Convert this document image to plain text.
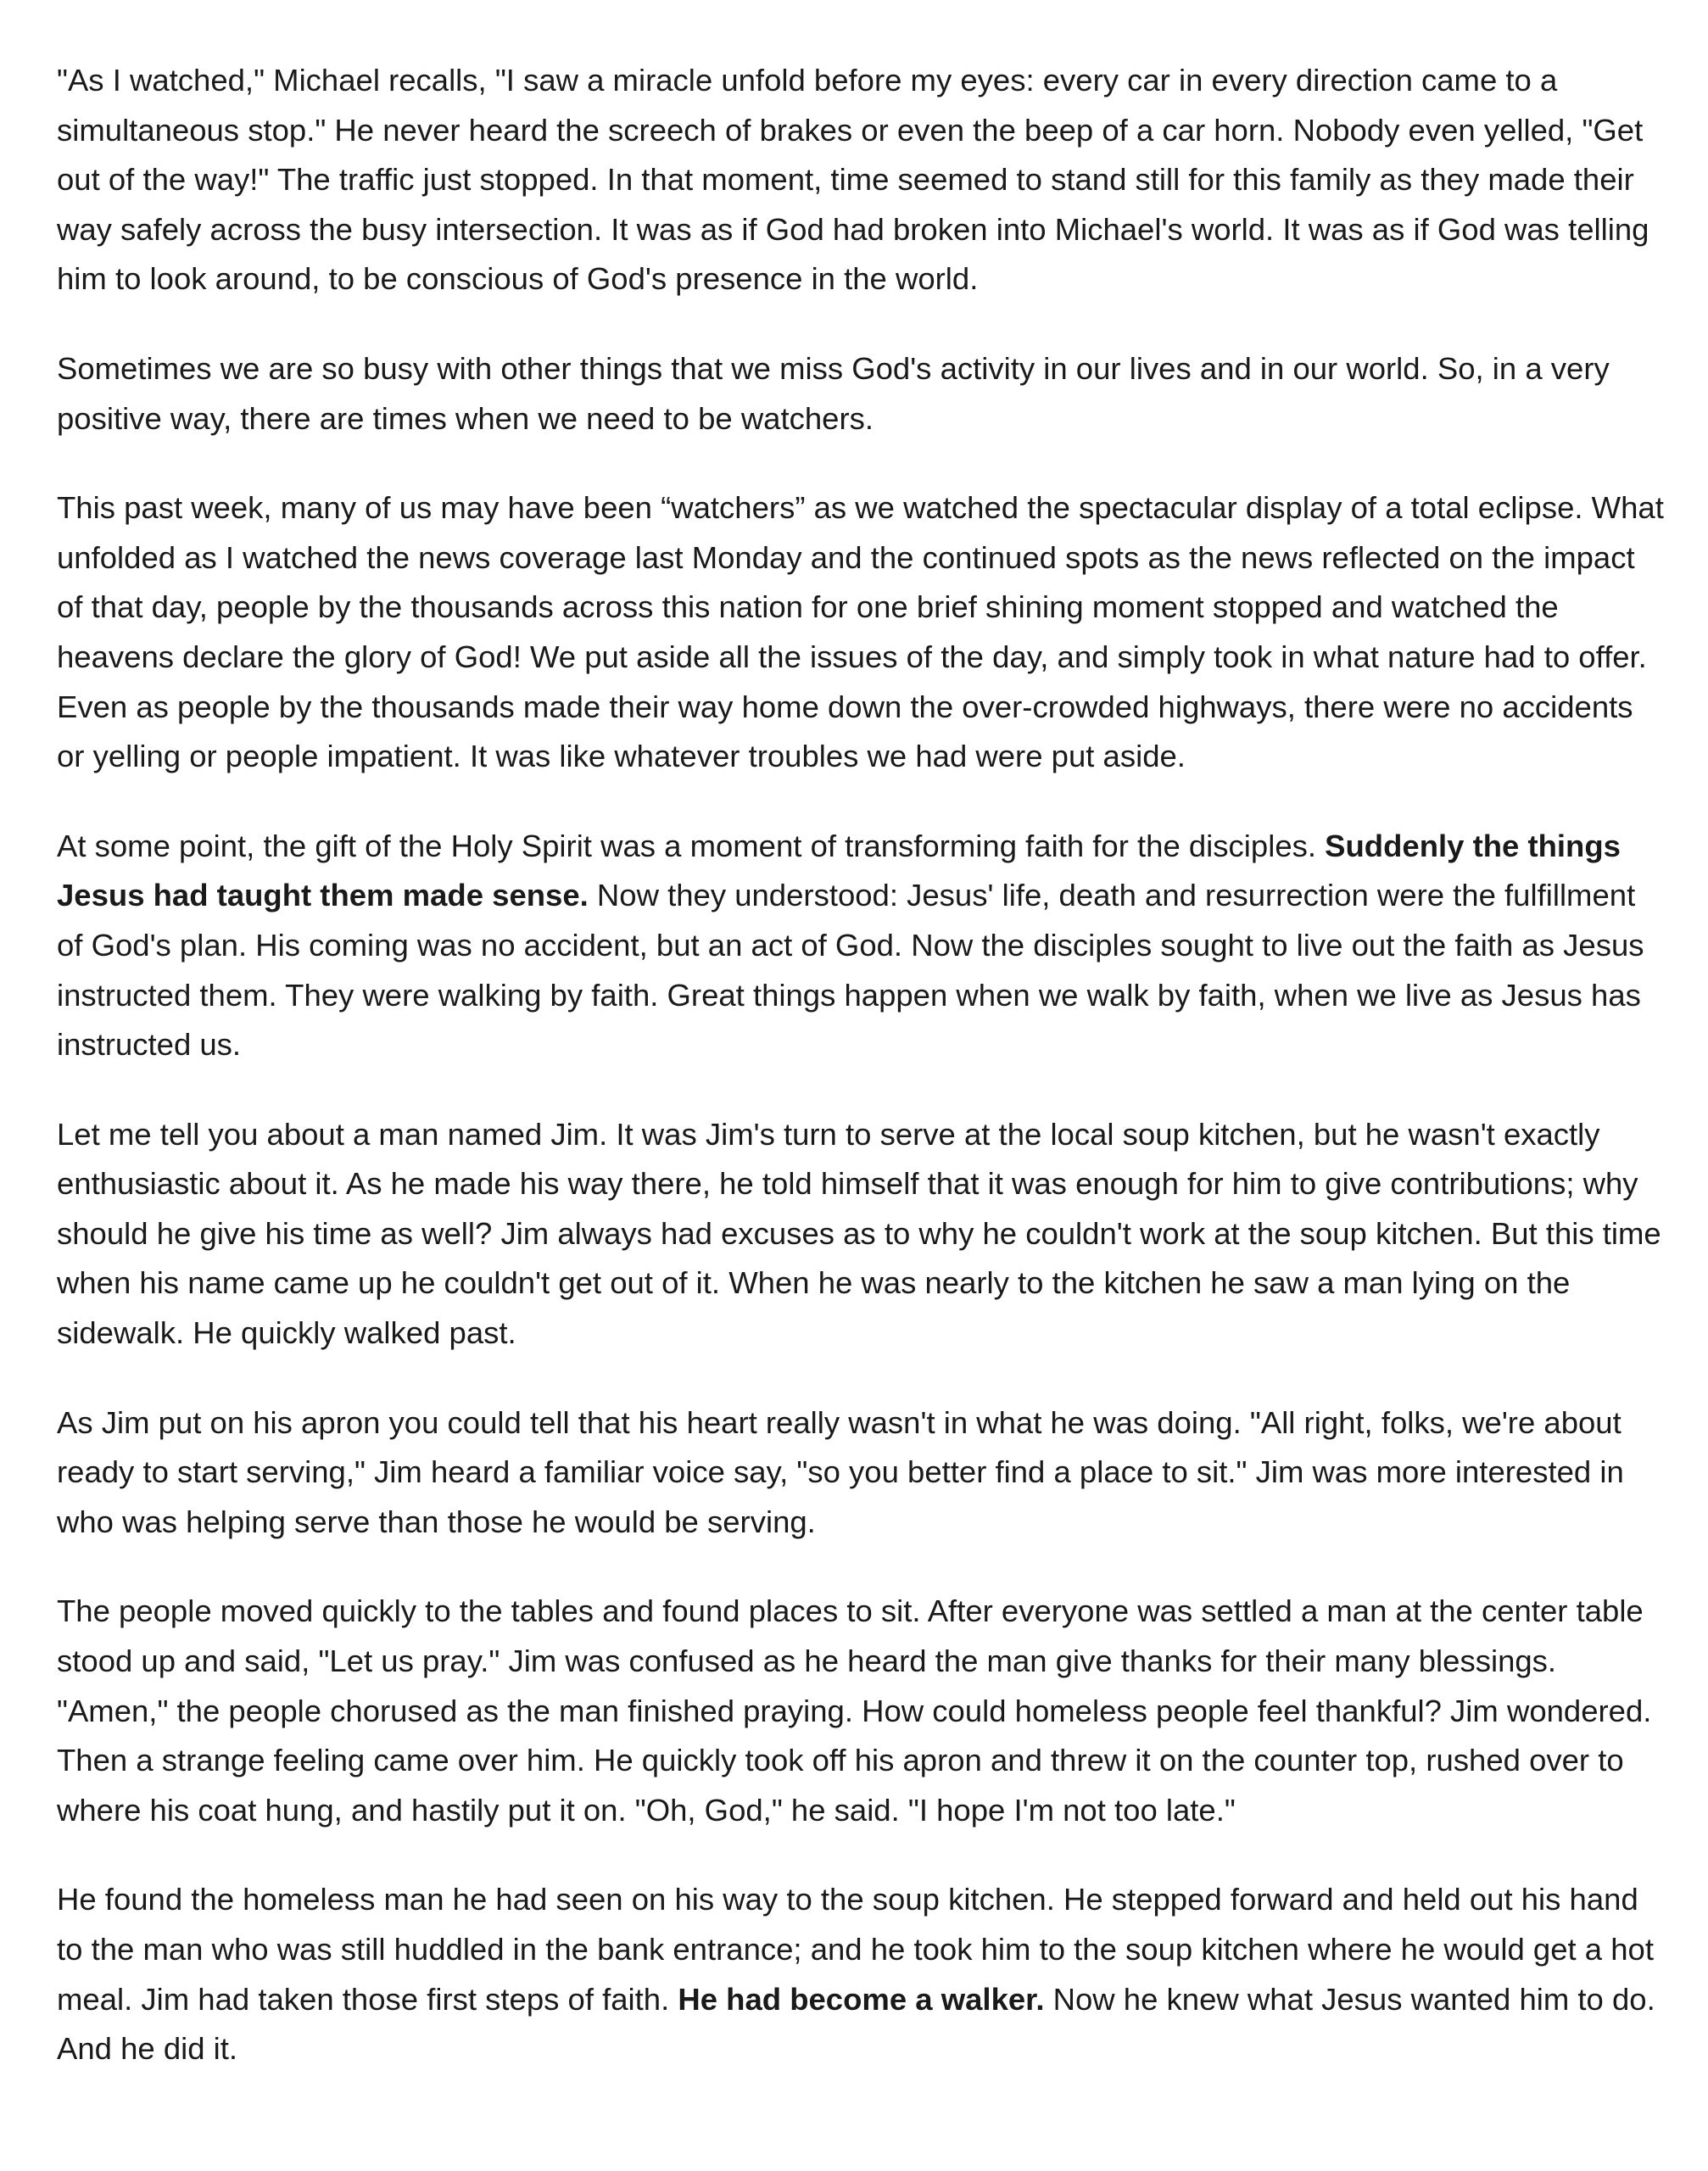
"As I watched," Michael recalls, "I saw a miracle unfold before my eyes: every car in every direction came to a simultaneous stop." He never heard the screech of brakes or even the beep of a car horn. Nobody even yelled, "Get out of the way!" The traffic just stopped. In that moment, time seemed to stand still for this family as they made their way safely across the busy intersection. It was as if God had broken into Michael's world. It was as if God was telling him to look around, to be conscious of God's presence in the world.

Sometimes we are so busy with other things that we miss God's activity in our lives and in our world. So, in a very positive way, there are times when we need to be watchers.

This past week, many of us may have been “watchers” as we watched the spectacular display of a total eclipse. What unfolded as I watched the news coverage last Monday and the continued spots as the news reflected on the impact of that day, people by the thousands across this nation for one brief shining moment stopped and watched the heavens declare the glory of God! We put aside all the issues of the day, and simply took in what nature had to offer. Even as people by the thousands made their way home down the over-crowded highways, there were no accidents or yelling or people impatient. It was like whatever troubles we had were put aside.

At some point, the gift of the Holy Spirit was a moment of transforming faith for the disciples. Suddenly the things Jesus had taught them made sense. Now they understood: Jesus' life, death and resurrection were the fulfillment of God's plan. His coming was no accident, but an act of God. Now the disciples sought to live out the faith as Jesus instructed them. They were walking by faith. Great things happen when we walk by faith, when we live as Jesus has instructed us.

Let me tell you about a man named Jim. It was Jim's turn to serve at the local soup kitchen, but he wasn't exactly enthusiastic about it. As he made his way there, he told himself that it was enough for him to give contributions; why should he give his time as well? Jim always had excuses as to why he couldn't work at the soup kitchen. But this time when his name came up he couldn't get out of it. When he was nearly to the kitchen he saw a man lying on the sidewalk. He quickly walked past.

As Jim put on his apron you could tell that his heart really wasn't in what he was doing. "All right, folks, we're about ready to start serving," Jim heard a familiar voice say, "so you better find a place to sit." Jim was more interested in who was helping serve than those he would be serving.

The people moved quickly to the tables and found places to sit. After everyone was settled a man at the center table stood up and said, "Let us pray." Jim was confused as he heard the man give thanks for their many blessings. "Amen," the people chorused as the man finished praying. How could homeless people feel thankful? Jim wondered. Then a strange feeling came over him. He quickly took off his apron and threw it on the counter top, rushed over to where his coat hung, and hastily put it on. "Oh, God," he said. "I hope I'm not too late."

He found the homeless man he had seen on his way to the soup kitchen. He stepped forward and held out his hand to the man who was still huddled in the bank entrance; and he took him to the soup kitchen where he would get a hot meal. Jim had taken those first steps of faith. He had become a walker. Now he knew what Jesus wanted him to do. And he did it.
